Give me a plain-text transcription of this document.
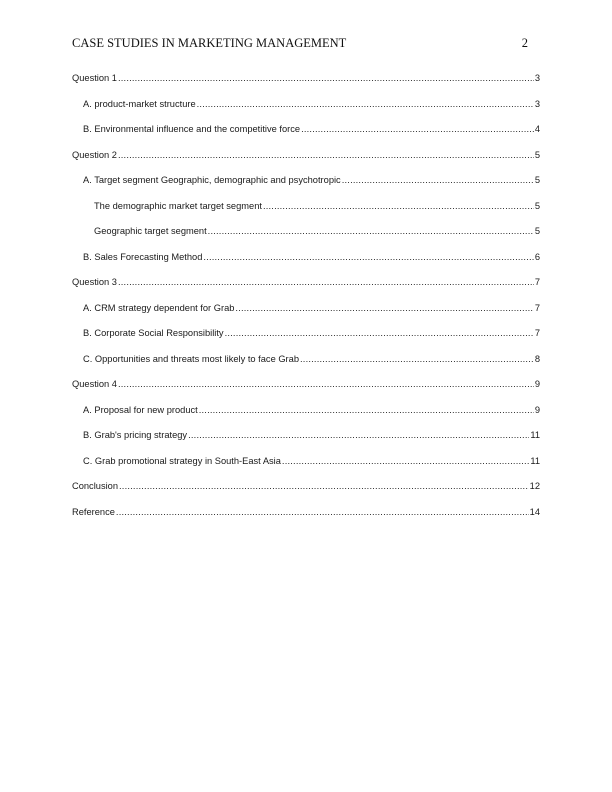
CASE STUDIES IN MARKETING MANAGEMENT	2
Question 1 .....	3
A. product-market structure .....	3
B. Environmental influence and the competitive force .....	4
Question 2 .....	5
A. Target segment Geographic, demographic and psychotropic .....	5
The demographic market target segment .....	5
Geographic target segment .....	5
B. Sales Forecasting Method .....	6
Question 3 .....	7
A. CRM strategy dependent for Grab .....	7
B. Corporate Social Responsibility .....	7
C. Opportunities and threats most likely to face Grab .....	8
Question 4 .....	9
A. Proposal for new product .....	9
B. Grab's pricing strategy .....	11
C. Grab promotional strategy in South-East Asia .....	11
Conclusion .....	12
Reference .....	14
